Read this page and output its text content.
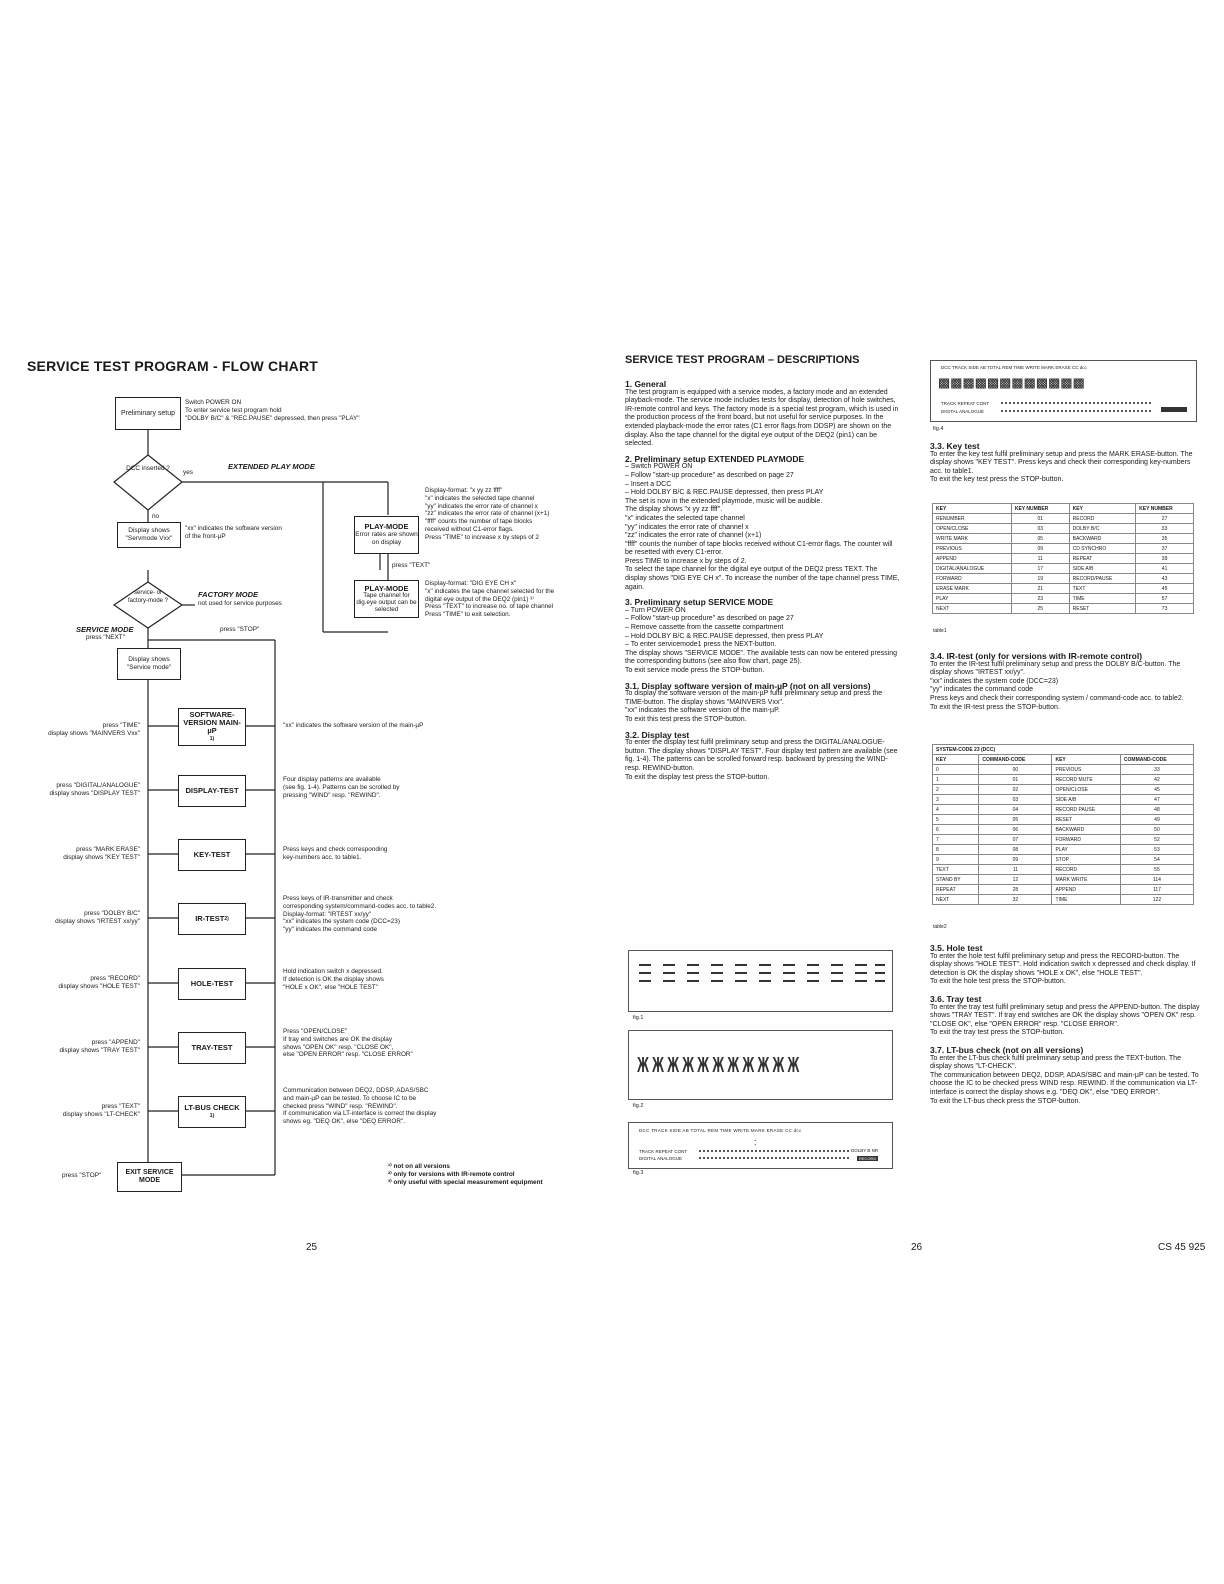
SERVICE TEST PROGRAM - FLOW CHART
Preliminary setup
Switch POWER ON
To enter service test program hold
"DOLBY B/C" & "REC.PAUSE" depressed, then press "PLAY"
DCC inserted ?
yes
no
EXTENDED PLAY MODE
Display shows "Servmode Vxx"
"xx" indicates the software version
of the front-µP
PLAY-MODE
Error rates are shown on display
Display-format: "x yy zz ffff"
"x" indicates the selected tape channel
"yy" indicates the error rate of channel x
"zz" indicates the error rate of channel (x+1)
"ffff" counts the number of tape blocks
received without C1-error flags.
Press "TIME" to increase x by steps of 2
press "TEXT"
PLAY-MODE
Tape channel for dig.eye output can be selected
Display-format: "DIG EYE CH x"
"x" indicates the tape channel selected for the
digital eye output of the DEQ2 (pin1) ³⁾
Press "TEXT" to increase no. of tape channel
Press "TIME" to exit selection.
service- or factory-mode ?
FACTORY MODE
not used for service purposes
SERVICE MODE
press "NEXT"
press "STOP"
Display shows "Service mode"
press "TIME"
display shows "MAINVERS Vxx"
SOFTWARE-VERSION MAIN-µP
1)
"xx" indicates the software version of the main-µP
press "DIGITAL/ANALOGUE"
display shows "DISPLAY TEST"	DISPLAY-TEST
Four display patterns are available
(see fig. 1-4). Patterns can be scrolled by
pressing "WIND" resp. "REWIND".
press "MARK ERASE"
display shows "KEY TEST"	KEY-TEST
Press keys and check corresponding
key-numbers acc. to table1.
press "DOLBY B/C"
display shows "IRTEST xx/yy"	IR-TEST 2)
Press keys of IR-transmitter and check
corresponding system/command-codes acc. to table2.
Display-format: "IRTEST xx/yy"
"xx" indicates the system code (DCC=23)
"yy" indicates the command code
press "RECORD"
display shows "HOLE TEST"	HOLE-TEST
Hold indication switch x depressed.
If detection is OK the display shows
"HOLE x OK", else "HOLE TEST"
press "APPEND"
display shows "TRAY TEST"	TRAY-TEST
Press "OPEN/CLOSE"
If tray end switches are OK the display
shows "OPEN OK" resp. "CLOSE OK",
else "OPEN ERROR" resp. "CLOSE ERROR"
press "TEXT"
display shows "LT-CHECK"
LT-BUS CHECK
1)
Communication between DEQ2, DDSP, ADAS/SBC
and main-µP can be tested. To choose IC to be
checked press "WIND" resp. "REWIND".
If communication via LT-interface is correct the display
shows eg. "DEQ OK", else "DEQ ERROR".
press "STOP"	EXIT SERVICE MODE
¹⁾ not on all versions
²⁾ only for versions with IR-remote control
³⁾ only useful with special measurement equipment
25
SERVICE TEST PROGRAM – DESCRIPTIONS
1. General

The test program is equipped with a service modes, a factory mode and an extended playback-mode. The service mode includes tests for display, detection of hole switches, IR-remote control and keys. The factory mode is a special test program, which is used in the production process of the front board, but not useful for service purposes. In the extended playback-mode the error rates (C1 error flags from DDSP) are shown on the display. Also the tape channel for the digital eye output of the DEQ2 (pin1) can be selected.

2. Preliminary setup EXTENDED PLAYMODE

– Switch POWER ON

– Follow "start-up procedure" as described on page 27

– Insert a DCC

– Hold DOLBY B/C & REC.PAUSE depressed, then press PLAY

The set is now in the extended playmode, music will be audible.

The display shows "x yy zz ffff".

"x" indicates the selected tape channel

"yy" indicates the error rate of channel x

"zz" indicates the error rate of channel (x+1)

"ffff" counts the number of tape blocks received without C1-error flags. The counter will be resetted with every C1-error.

Press TIME to increase x by steps of 2.

To select the tape channel for the digital eye output of the DEQ2 press TEXT. The display shows "DIG EYE CH x". To increase the number of the tape channel press TIME, again.

3. Preliminary setup SERVICE MODE

– Turn POWER ON

– Follow "start-up procedure" as described on page 27

– Remove cassette from the cassette compartment

– Hold DOLBY B/C & REC.PAUSE depressed, then press PLAY

– To enter servicemode1 press the NEXT-button.

The display shows "SERVICE MODE". The available tests can now be entered pressing the corresponding buttons (see also flow chart, page 25).

To exit service mode press the STOP-button.

3.1. Display software version of main-µP (not on all versions)

To display the software version of the main-µP fulfil preliminary setup and press the TIME-button. The display shows "MAINVERS Vxx".

"xx" indicates the software version of the main-µP.

To exit this test press the STOP-button.

3.2. Display test

To enter the display test fulfil preliminary setup and press the DIGITAL/ANALOGUE-button. The display shows "DISPLAY TEST". Four display test pattern are available (see fig. 1-4). The patterns can be scrolled forward resp. backward by pressing the WIND- resp. REWIND-button.

To exit the display test press the STOP-button.

fig.1
ЖЖЖЖЖЖЖЖЖЖЖ
fig.2
DCC TRACK SIDE AB TOTAL REM TIME WRITE MARK ERASE CC dcc
:
TRACK REPEAT CONT
DIGITAL ANALOGUE
DOLBY B NR
RECORD
fig.3
26
DCC TRACK SIDE AB TOTAL REM TIME WRITE MARK ERASE CC dcc
▩▩▩▩▩▩▩▩▩▩▩▩
TRACK REPEAT CONT
DIGITAL ANALOGUE
fig.4
3.3. Key test

To enter the key test fulfil preliminary setup and press the MARK ERASE-button. The display shows "KEY TEST". Press keys and check their corresponding key-numbers acc. to table1.

To exit the key test press the STOP-button.

KEY	KEY NUMBER	KEY	KEY NUMBER
RENUMBER	01	RECORD	27
OPEN/CLOSE	03	DOLBY B/C	33
WRITE MARK	05	BACKWARD	35
PREVIOUS	09	CD SYNCHRO	37
APPEND	11	REPEAT	39
DIGITAL/ANALOGUE	17	SIDE A/B	41
FORWARD	19	RECORD/PAUSE	43
ERASE MARK	21	TEXT	45
PLAY	23	TIME	57
NEXT	25	RESET	73
table1
3.4. IR-test (only for versions with IR-remote control)

To enter the IR-test fulfil preliminary setup and press the DOLBY B/C-button. The display shows "IRTEST xx/yy".

"xx" indicates the system code (DCC=23)

"yy" indicates the command code

Press keys and check their corresponding system / command-code acc. to table2.

To exit the IR-test press the STOP-button.

SYSTEM-CODE 23 (DCC)			
KEY	COMMAND-CODE	KEY	COMMAND-CODE
0	00	PREVIOUS	33
1	01	RECORD MUTE	42
2	02	OPEN/CLOSE	45
3	03	SIDE A/B	47
4	04	RECORD PAUSE	48
5	05	RESET	49
6	06	BACKWARD	50
7	07	FORWARD	52
8	08	PLAY	53
9	09	STOP	54
TEXT	11	RECORD	55
STAND BY	12	MARK WRITE	114
REPEAT	28	APPEND	117
NEXT	32	TIME	122
table2
3.5. Hole test

To enter the hole test fulfil preliminary setup and press the RECORD-button. The display shows "HOLE TEST". Hold indication switch x depressed and check display. If detection is OK the display shows "HOLE x OK", else "HOLE TEST".

To exit the hole test press the STOP-button.

3.6. Tray test

To enter the tray test fulfil preliminary setup and press the APPEND-button. The display shows "TRAY TEST". If tray end switches are OK the display shows "OPEN OK" resp. "CLOSE OK", else "OPEN ERROR" resp. "CLOSE ERROR".

To exit the tray test press the STOP-button.

3.7. LT-bus check (not on all versions)

To enter the LT-bus check fulfil preliminary setup and press the TEXT-button. The display shows "LT-CHECK".

The communication between DEQ2, DDSP, ADAS/SBC and main-µP can be tested. To choose the IC to be checked press WIND resp. REWIND. If the communication via LT-interface is correct the display shows e.g. "DEQ OK", else "DEQ ERROR".

To exit the LT-bus check press the STOP-button.

CS 45 925
